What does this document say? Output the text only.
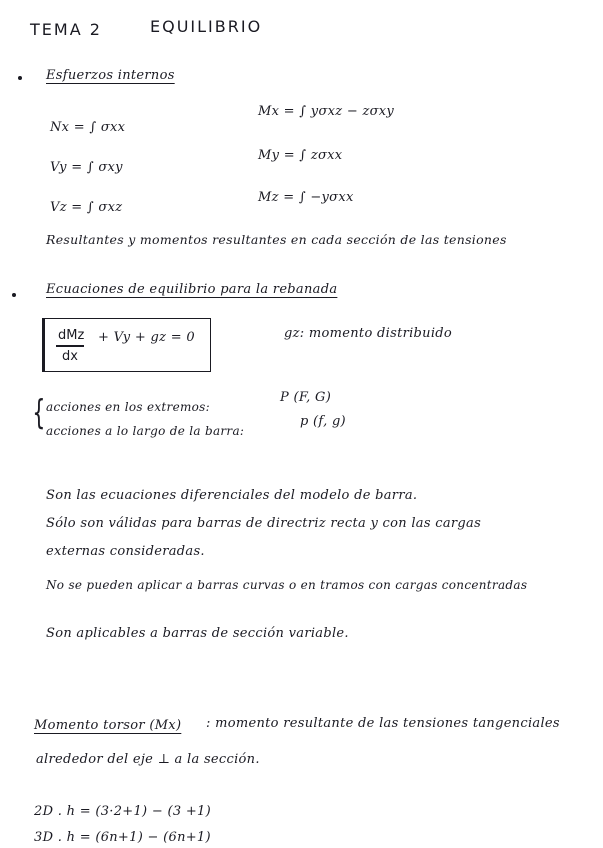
TEMA 2	EQUILIBRIO
Esfuerzos internos
Nx = ∫ σxx
Vy = ∫ σxy
Vz = ∫ σxz
Mx = ∫ yσxz − zσxy
My = ∫ zσxx
Mz = ∫ −yσxx
Resultantes y momentos resultantes en cada sección de las tensiones
Ecuaciones de equilibrio para la rebanada
dMz
dx
+ Vy + gz = 0	gz: momento distribuido
{ acciones en los extremos:
P (F, G)
acciones a lo largo de la barra:
p (f, g)
Son las ecuaciones diferenciales del modelo de barra.
Sólo son válidas para barras de directriz recta y con las cargas
externas consideradas.
No se pueden aplicar a barras curvas o en tramos con cargas concentradas
Son aplicables a barras de sección variable.
Momento torsor (Mx) : momento resultante de las tensiones tangenciales
alrededor del eje ⊥ a la sección.
2D . h = (3·2+1) − (3 +1)
3D . h = (6n+1) − (6n+1)
